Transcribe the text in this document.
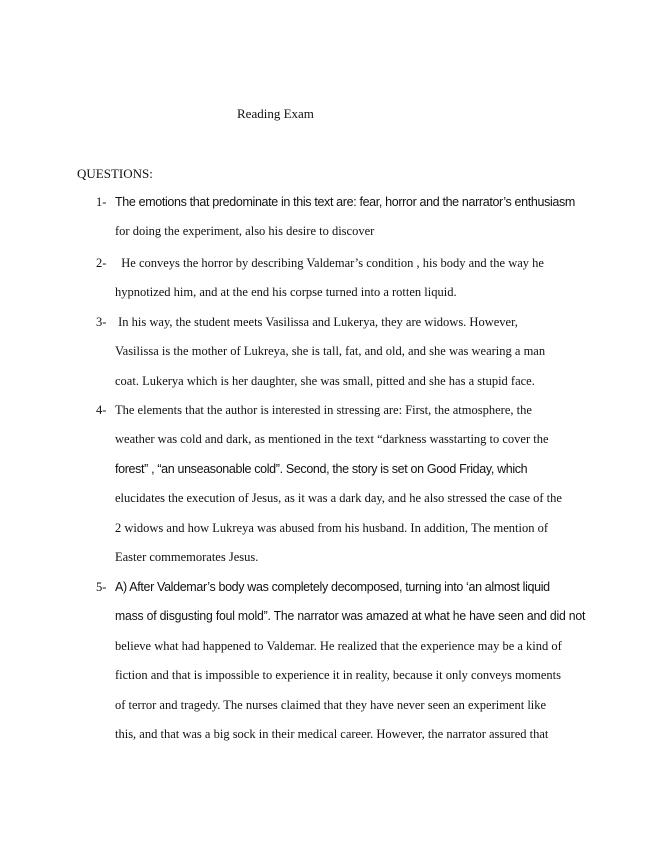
Reading Exam
QUESTIONS:
1- The emotions that predominate in this text are: fear, horror and the narrator’s enthusiasm
for doing the experiment, also his desire to discover
2- He conveys the horror by describing Valdemar’s condition , his body and the way he
hypnotized him, and at the end his corpse turned into a rotten liquid.
3- In his way, the student meets Vasilissa and Lukerya, they are widows. However,
Vasilissa is the mother of Lukreya, she is tall, fat, and old, and she was wearing a man
coat. Lukerya which is her daughter, she was small, pitted and she has a stupid face.
4- The elements that the author is interested in stressing are: First, the atmosphere, the
weather was cold and dark, as mentioned in the text “darkness wasstarting to cover the
forest” , “an unseasonable cold”. Second, the story is set on Good Friday, which
elucidates the execution of Jesus, as it was a dark day, and he also stressed the case of the
2 widows and how Lukreya was abused from his husband. In addition, The mention of
Easter commemorates Jesus.
5- A) After Valdemar’s body was completely decomposed, turning into ‘an almost liquid
mass of disgusting foul mold”. The narrator was amazed at what he have seen and did not
believe what had happened to Valdemar. He realized that the experience may be a kind of
fiction and that is impossible to experience it in reality, because it only conveys moments
of terror and tragedy. The nurses claimed that they have never seen an experiment like
this, and that was a big sock in their medical career. However, the narrator assured that
